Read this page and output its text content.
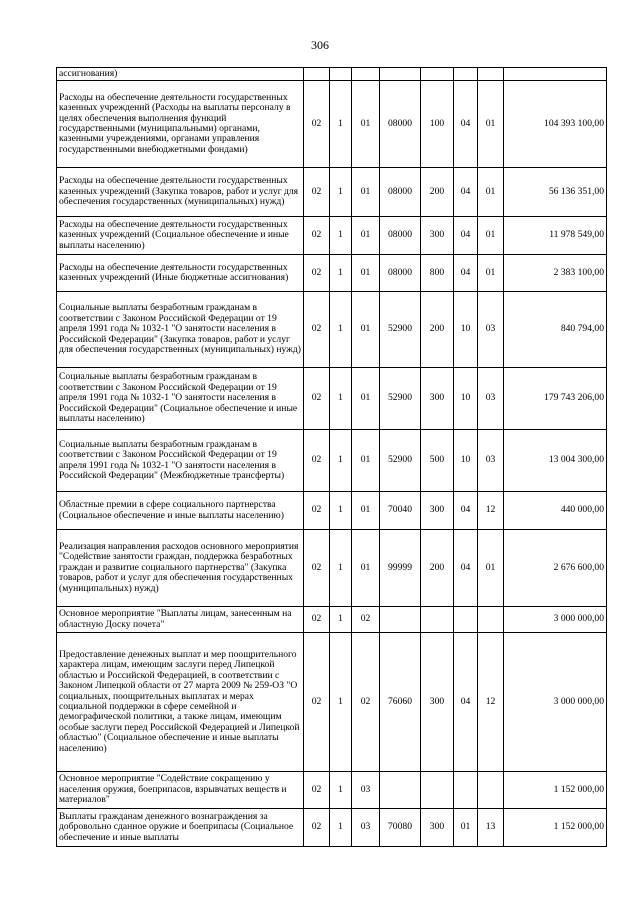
306
ассигнования)								
Расходы на обеспечение деятельности государственных казенных учреждений (Расходы на выплаты персоналу в целях обеспечения выполнения функций государственными (муниципальными) органами, казенными учреждениями, органами управления государственными внебюджетными фондами)	02	1	01	08000	100	04	01	104 393 100,00
Расходы на обеспечение деятельности государственных казенных учреждений (Закупка товаров, работ и услуг для обеспечения государственных (муниципальных) нужд)	02	1	01	08000	200	04	01	56 136 351,00
Расходы на обеспечение деятельности государственных казенных учреждений (Социальное обеспечение и иные выплаты населению)	02	1	01	08000	300	04	01	11 978 549,00
Расходы на обеспечение деятельности государственных казенных учреждений (Иные бюджетные ассигнования)	02	1	01	08000	800	04	01	2 383 100,00
Социальные выплаты безработным гражданам в соответствии с Законом Российской Федерации от 19 апреля 1991 года № 1032-1 "О занятости населения в Российской Федерации" (Закупка товаров, работ и услуг для обеспечения государственных (муниципальных) нужд)	02	1	01	52900	200	10	03	840 794,00
Социальные выплаты безработным гражданам в соответствии с Законом Российской Федерации от 19 апреля 1991 года № 1032-1 "О занятости населения в Российской Федерации" (Социальное обеспечение и иные выплаты населению)	02	1	01	52900	300	10	03	179 743 206,00
Социальные выплаты безработным гражданам в соответствии с Законом Российской Федерации от 19 апреля 1991 года № 1032-1 "О занятости населения в Российской Федерации" (Межбюджетные трансферты)	02	1	01	52900	500	10	03	13 004 300,00
Областные премии в сфере социального партнерства (Социальное обеспечение и иные выплаты населению)	02	1	01	70040	300	04	12	440 000,00
Реализация направления расходов основного мероприятия "Содействие занятости граждан, поддержка безработных граждан и развитие социального партнерства" (Закупка товаров, работ и услуг для обеспечения государственных (муниципальных) нужд)	02	1	01	99999	200	04	01	2 676 600,00
Основное мероприятие "Выплаты лицам, занесенным на областную Доску почета"	02	1	02					3 000 000,00
Предоставление денежных выплат и мер поощрительного характера лицам, имеющим заслуги перед Липецкой областью и Российской Федерацией, в соответствии с Законом Липецкой области от 27 марта 2009 № 259-ОЗ "О социальных, поощрительных выплатах и мерах социальной поддержки в сфере семейной и демографической политики, а также лицам, имеющим особые заслуги перед Российской Федерацией и Липецкой областью" (Социальное обеспечение и иные выплаты населению)	02	1	02	76060	300	04	12	3 000 000,00
Основное мероприятие "Содействие сокращению у населения оружия, боеприпасов, взрывчатых веществ и материалов"	02	1	03					1 152 000,00
Выплаты гражданам денежного вознаграждения за добровольно сданное оружие и боеприпасы (Социальное обеспечение и иные выплаты	02	1	03	70080	300	01	13	1 152 000,00
